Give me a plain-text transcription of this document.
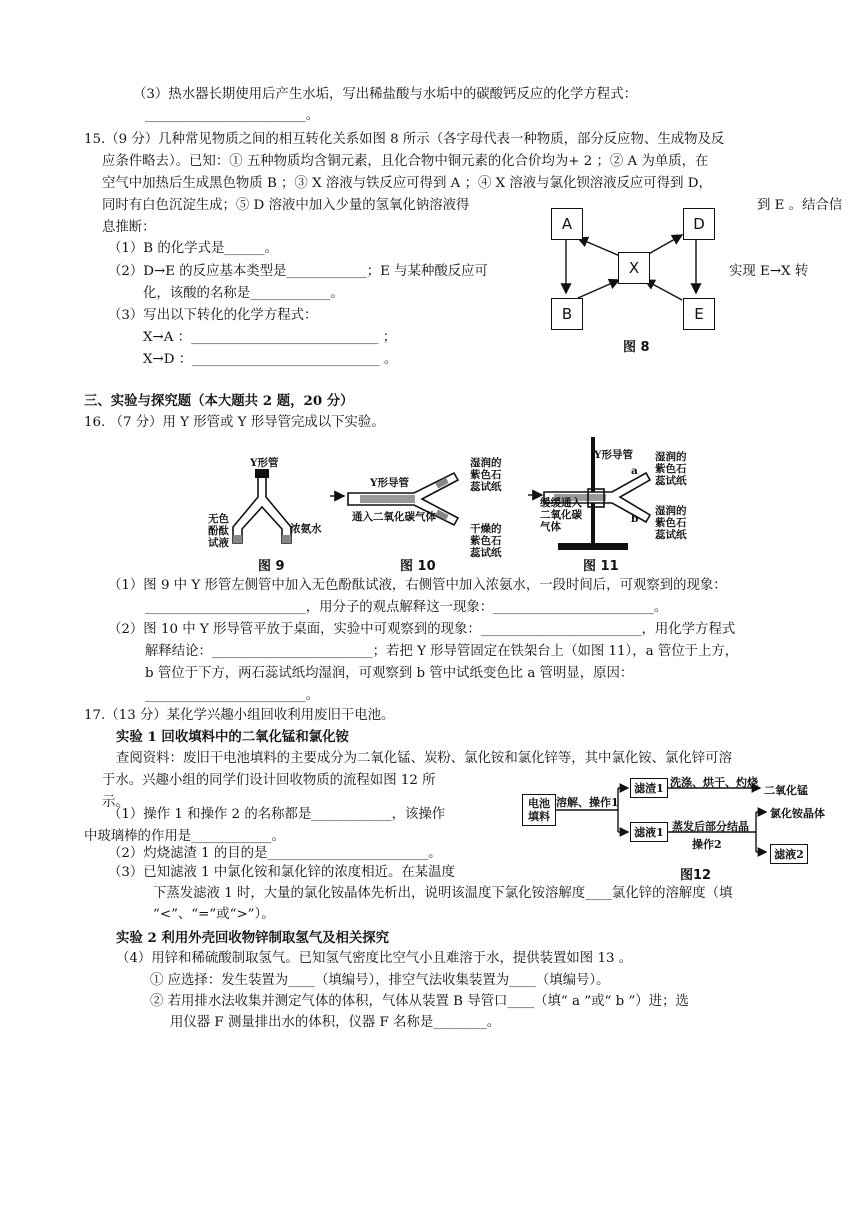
（3）热水器长期使用后产生水垢，写出稀盐酸与水垢中的碳酸钙反应的化学方程式：
________________________。
15.（9 分）几种常见物质之间的相互转化关系如图 8 所示（各字母代表一种物质，部分反应物、生成物及反
应条件略去）。已知：① 五种物质均含铜元素，且化合物中铜元素的化合价均为+ 2 ；② A 为单质，在
空气中加热后生成黑色物质 B ；③ X 溶液与铁反应可得到 A ；④ X 溶液与氯化钡溶液反应可得到 D，
同时有白色沉淀生成；⑤ D 溶液中加入少量的氢氧化钠溶液得	到 E 。结合信
息推断：
（1）B 的化学式是______。
（2）D→E 的反应基本类型是____________；E 与某种酸反应可	实现 E→X 转
化，该酸的名称是____________。
（3）写出以下转化的化学方程式：
X→A ：____________________________ ；
X→D ：____________________________ 。
A	D
X
B	E
图 8
三、实验与探究题（本大题共 2 题，20 分）
16. （7 分）用 Y 形管或 Y 形导管完成以下实验。
Y形管
无色
酚酞
试液
浓氨水
图 9
Y形导管
通入二氧化碳气体
湿润的
紫色石
蕊试纸
干燥的
紫色石
蕊试纸
图 10
Y形导管
a
b
缓缓通入
二氧化碳
气体
湿润的
紫色石
蕊试纸
湿润的
紫色石
蕊试纸
图 11
（1）图 9 中 Y 形管左侧管中加入无色酚酞试液，右侧管中加入浓氨水，一段时间后，可观察到的现象：
________________________，用分子的观点解释这一现象：________________________。
（2）图 10 中 Y 形导管平放于桌面，实验中可观察到的现象：________________________，用化学方程式
解释结论：________________________；若把 Y 形导管固定在铁架台上（如图 11），a 管位于上方，
b 管位于下方，两石蕊试纸均湿润，可观察到 b 管中试纸变色比 a 管明显，原因：
________________________。
17.（13 分）某化学兴趣小组回收利用废旧干电池。
实验 1 回收填料中的二氧化锰和氯化铵
查阅资料：废旧干电池填料的主要成分为二氧化锰、炭粉、氯化铵和氯化锌等，其中氯化铵、氯化锌可溶
于水。兴趣小组的同学们设计回收物质的流程如图 12 所
示。
（1）操作 1 和操作 2 的名称都是____________，该操作
中玻璃棒的作用是____________。
（2）灼烧滤渣 1 的目的是________________________。
（3）已知滤液 1 中氯化铵和氯化锌的浓度相近。在某温度
下蒸发滤液 1 时，大量的氯化铵晶体先析出，说明该温度下氯化铵溶解度____氯化锌的溶解度（填
“<”、“=”或“>”）。
实验 2 利用外壳回收物锌制取氢气及相关探究
（4）用锌和稀硫酸制取氢气。已知氢气密度比空气小且难溶于水，提供装置如图 13 。
① 应选择：发生装置为____（填编号），排空气法收集装置为____（填编号）。
② 若用排水法收集并测定气体的体积，气体从装置 B 导管口____（填“ a ”或“ b ”）进；选
用仪器 F 测量排出水的体积，仪器 F 名称是________。
电池
填料
溶解、操作1
滤渣1 洗涤、烘干、灼烧
二氧化锰
滤液1 蒸发后部分结晶
操作2
氯化铵晶体
滤液2
图12
